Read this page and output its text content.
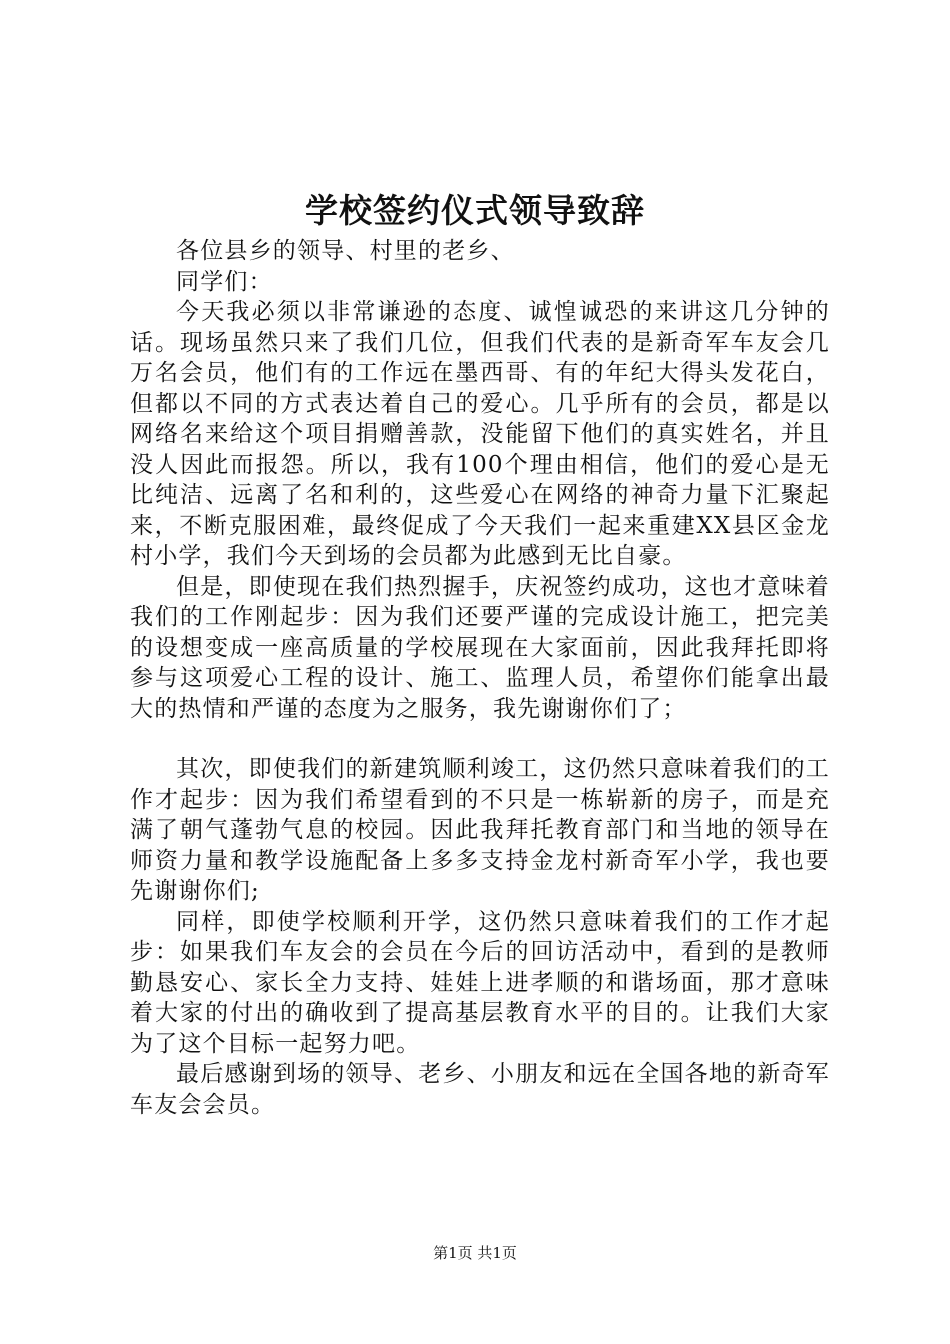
学校签约仪式领导致辞

各位县乡的领导、村里的老乡、

同学们：

今天我必须以非常谦逊的态度、诚惶诚恐的来讲这几分钟的话。现场虽然只来了我们几位，但我们代表的是新奇军车友会几万名会员，他们有的工作远在墨西哥、有的年纪大得头发花白，但都以不同的方式表达着自己的爱心。几乎所有的会员，都是以网络名来给这个项目捐赠善款，没能留下他们的真实姓名，并且没人因此而报怨。所以，我有100个理由相信，他们的爱心是无比纯洁、远离了名和利的，这些爱心在网络的神奇力量下汇聚起来，不断克服困难，最终促成了今天我们一起来重建XX县区金龙村小学，我们今天到场的会员都为此感到无比自豪。

但是，即使现在我们热烈握手，庆祝签约成功，这也才意味着我们的工作刚起步：因为我们还要严谨的完成设计施工，把完美的设想变成一座高质量的学校展现在大家面前，因此我拜托即将参与这项爱心工程的设计、施工、监理人员，希望你们能拿出最大的热情和严谨的态度为之服务，我先谢谢你们了；

其次，即使我们的新建筑顺利竣工，这仍然只意味着我们的工作才起步：因为我们希望看到的不只是一栋崭新的房子，而是充满了朝气蓬勃气息的校园。因此我拜托教育部门和当地的领导在师资力量和教学设施配备上多多支持金龙村新奇军小学，我也要先谢谢你们;

同样，即使学校顺利开学，这仍然只意味着我们的工作才起步：如果我们车友会的会员在今后的回访活动中，看到的是教师勤恳安心、家长全力支持、娃娃上进孝顺的和谐场面，那才意味着大家的付出的确收到了提高基层教育水平的目的。让我们大家为了这个目标一起努力吧。

最后感谢到场的领导、老乡、小朋友和远在全国各地的新奇军车友会会员。

第1页 共1页
